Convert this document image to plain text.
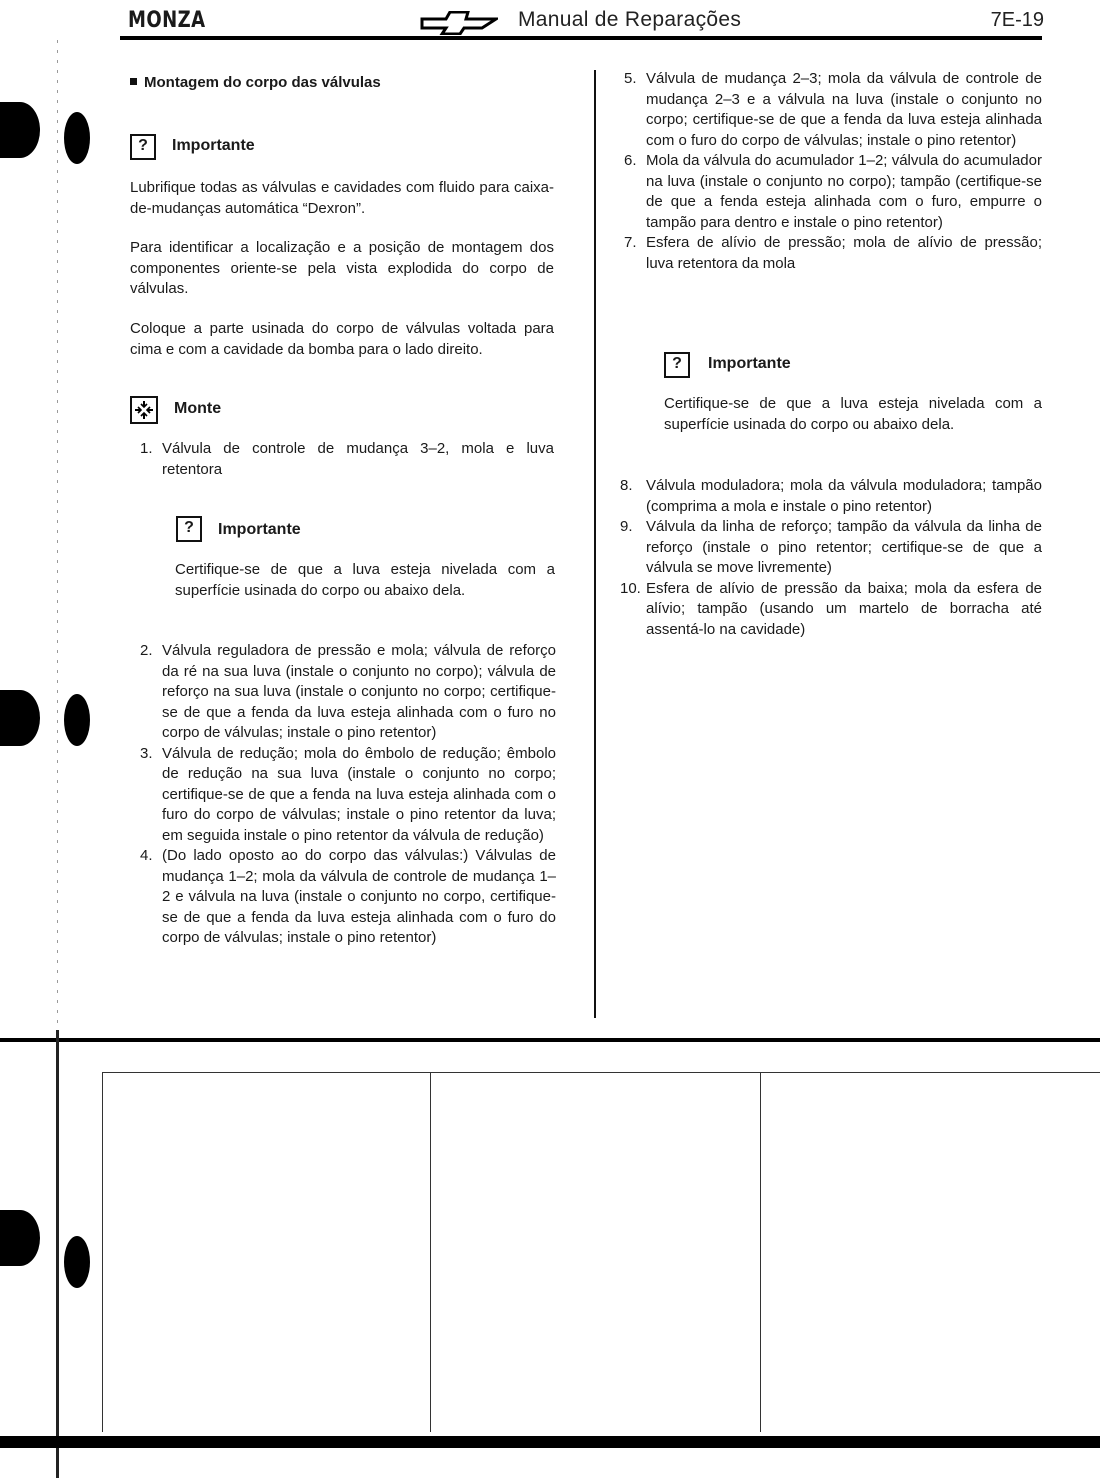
MONZA	Manual de Reparações	7E-19
Montagem do corpo das válvulas
?	Importante

Lubrifique todas as válvulas e cavidades com fluido para caixa-de-mudanças automática “Dexron”.

Para identificar a localização e a posição de montagem dos componentes oriente-se pela vista explodida do corpo de válvulas.

Coloque a parte usinada do corpo de válvulas voltada para cima e com a cavidade da bomba para o lado direito.

Monte
1. Válvula de controle de mudança 3–2, mola e luva retentora
?	Importante

Certifique-se de que a luva esteja nivelada com a superfície usinada do corpo ou abaixo dela.

2. Válvula reguladora de pressão e mola; válvula de reforço da ré na sua luva (instale o conjunto no corpo); válvula de reforço na sua luva (instale o conjunto no corpo; certifique-se de que a fenda da luva esteja alinhada com o furo no corpo de válvulas; instale o pino retentor)
3. Válvula de redução; mola do êmbolo de redução; êmbolo de redução na sua luva (instale o conjunto no corpo; certifique-se de que a fenda na luva esteja alinhada com o furo do corpo de válvulas; instale o pino retentor da luva; em seguida instale o pino retentor da válvula de redução)
4. (Do lado oposto ao do corpo das válvulas:) Válvulas de mudança 1–2; mola da válvula de controle de mudança 1–2 e válvula na luva (instale o conjunto no corpo, certifique-se de que a fenda da luva esteja alinhada com o furo do corpo de válvulas; instale o pino retentor)
5. Válvula de mudança 2–3; mola da válvula de controle de mudança 2–3 e a válvula na luva (instale o conjunto no corpo; certifique-se de que a fenda da luva esteja alinhada com o furo do corpo de válvulas; instale o pino retentor)
6. Mola da válvula do acumulador 1–2; válvula do acumulador na luva (instale o conjunto no corpo); tampão (certifique-se de que a fenda esteja alinhada com o furo, empurre o tampão para dentro e instale o pino retentor)
7. Esfera de alívio de pressão; mola de alívio de pressão; luva retentora da mola
?	Importante

Certifique-se de que a luva esteja nivelada com a superfície usinada do corpo ou abaixo dela.

8. Válvula moduladora; mola da válvula moduladora; tampão (comprima a mola e instale o pino retentor)
9. Válvula da linha de reforço; tampão da válvula da linha de reforço (instale o pino retentor; certifique-se de que a válvula se move livremente)
10. Esfera de alívio de pressão da baixa; mola da esfera de alívio; tampão (usando um martelo de borracha até assentá-lo na cavidade)
